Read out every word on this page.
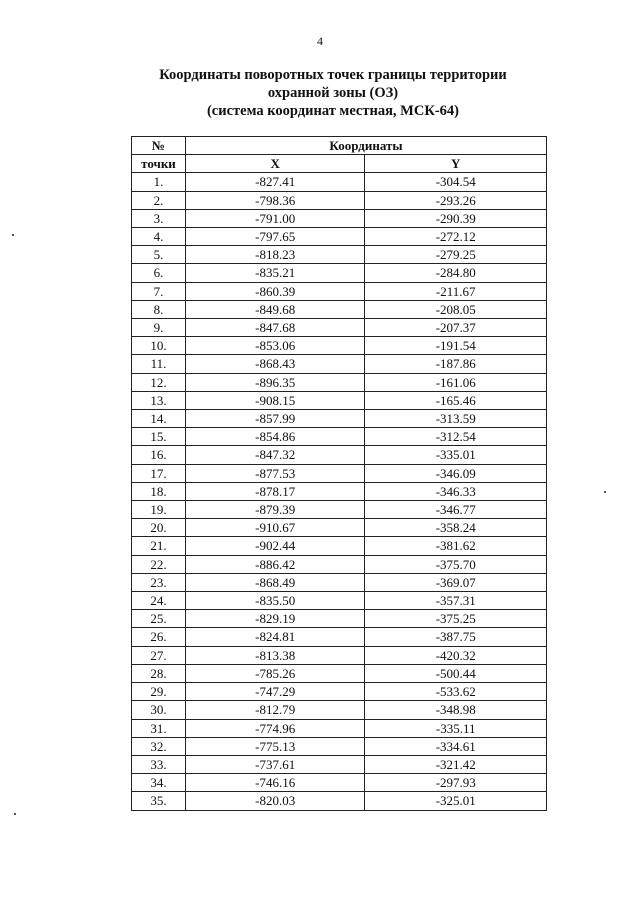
4
Координаты поворотных точек границы территории
охранной зоны (ОЗ)
(система координат местная, МСК-64)
№	Координаты	
точки	X	Y
1.	-827.41	-304.54
2.	-798.36	-293.26
3.	-791.00	-290.39
4.	-797.65	-272.12
5.	-818.23	-279.25
6.	-835.21	-284.80
7.	-860.39	-211.67
8.	-849.68	-208.05
9.	-847.68	-207.37
10.	-853.06	-191.54
11.	-868.43	-187.86
12.	-896.35	-161.06
13.	-908.15	-165.46
14.	-857.99	-313.59
15.	-854.86	-312.54
16.	-847.32	-335.01
17.	-877.53	-346.09
18.	-878.17	-346.33
19.	-879.39	-346.77
20.	-910.67	-358.24
21.	-902.44	-381.62
22.	-886.42	-375.70
23.	-868.49	-369.07
24.	-835.50	-357.31
25.	-829.19	-375.25
26.	-824.81	-387.75
27.	-813.38	-420.32
28.	-785.26	-500.44
29.	-747.29	-533.62
30.	-812.79	-348.98
31.	-774.96	-335.11
32.	-775.13	-334.61
33.	-737.61	-321.42
34.	-746.16	-297.93
35.	-820.03	-325.01
